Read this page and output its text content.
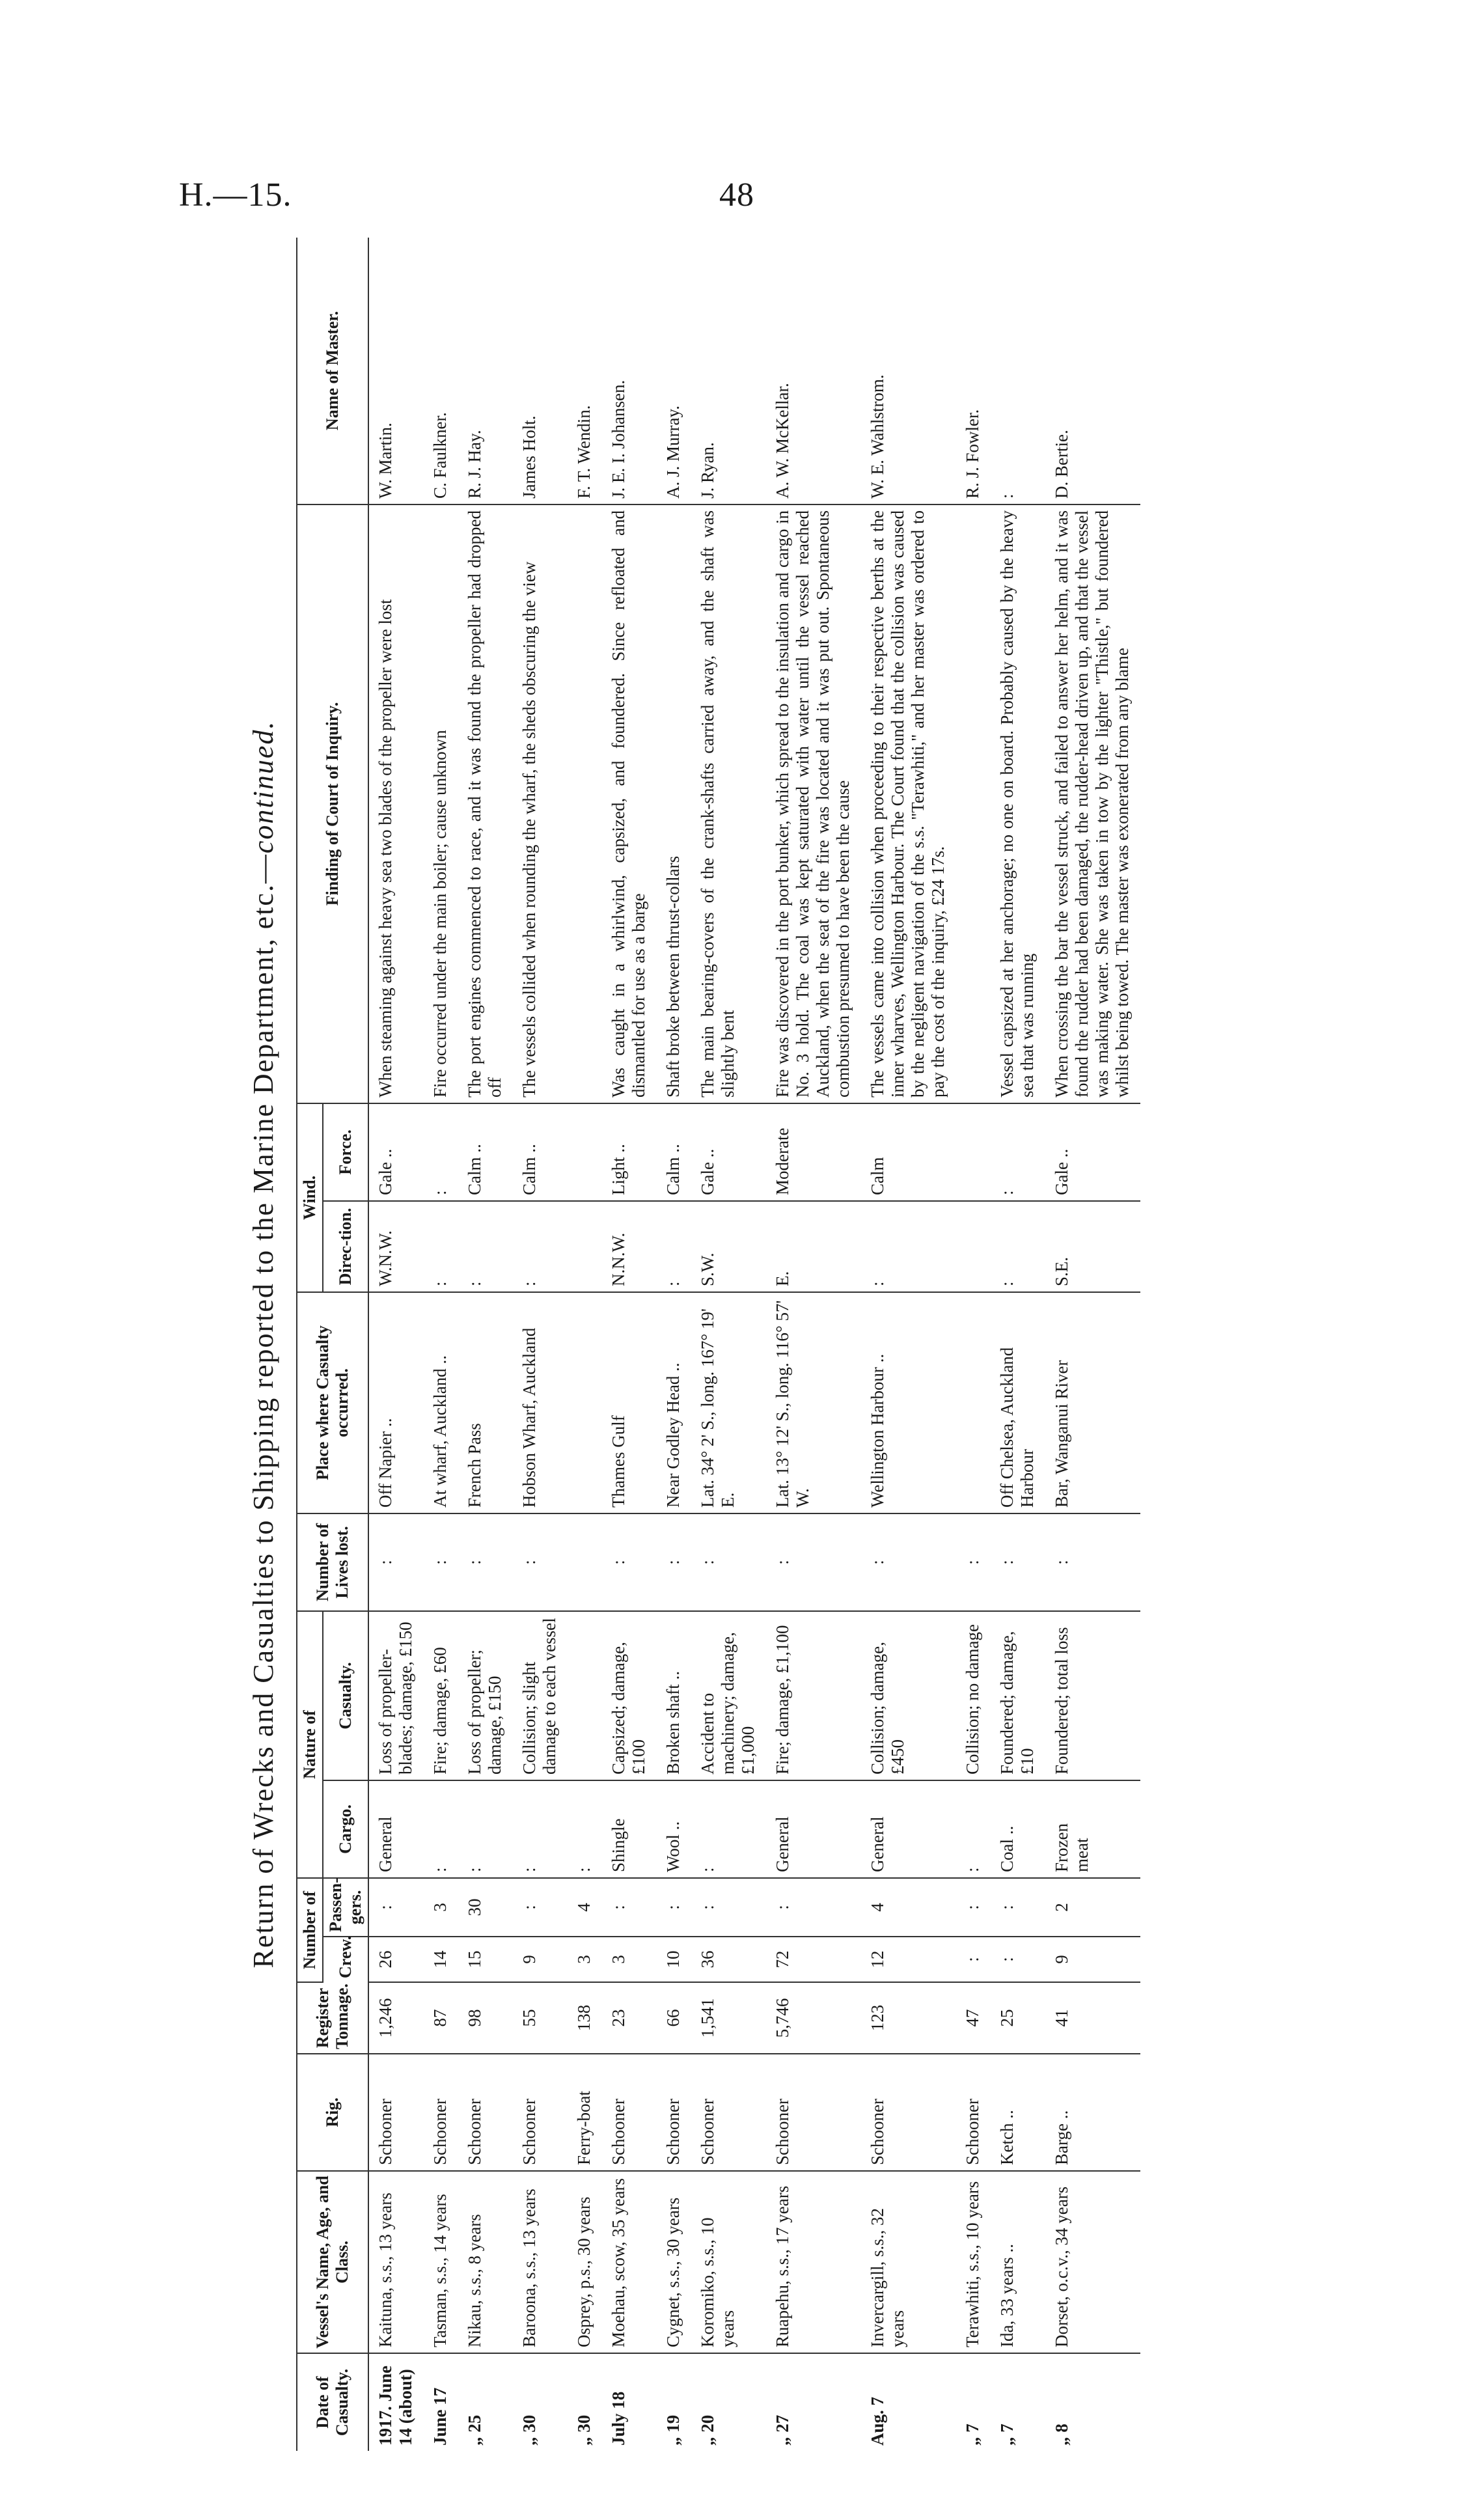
H.—15.	48
Return of Wrecks and Casualties to Shipping reported to the Marine Department, etc.—continued.
Date of Casualty.	Vessel's Name, Age, and Class.	Rig.	Register Tonnage.	Number of		Nature of		Number of Lives lost.	Place where Casualty occurred.	Wind.		Finding of Court of Inquiry.	Name of Master.
				Crew.	Passen-gers.	Cargo.	Casualty.			Direc-tion.	Force.		
1917. June 14 (about)	Kaituna, s.s., 13 years	Schooner	1,246	26	:	General	Loss of propeller-blades; damage, £150	:	Off Napier ..	W.N.W.	Gale ..	When steaming against heavy sea two blades of the propeller were lost	W. Martin.
June 17	Tasman, s.s., 14 years	Schooner	87	14	3	:	Fire; damage, £60	:	At wharf, Auckland ..	:	:	Fire occurred under the main boiler; cause unknown	C. Faulkner.
„ 25	Nikau, s.s., 8 years	Schooner	98	15	30	:	Loss of propeller; damage, £150	:	French Pass	:	Calm ..	The port engines commenced to race, and it was found the propeller had dropped off	R. J. Hay.
„ 30	Baroona, s.s., 13 years	Schooner	55	9	:	:	Collision; slight damage to each vessel	:	Hobson Wharf, Auckland	:	Calm ..	The vessels collided when rounding the wharf, the sheds obscuring the view	James Holt.
„ 30	Osprey, p.s., 30 years	Ferry-boat	138	3	4	:							F. T. Wendin.
July 18	Moehau, scow, 35 years	Schooner	23	3	:	Shingle	Capsized; damage, £100	:	Thames Gulf	N.N.W.	Light ..	Was caught in a whirlwind, capsized, and foundered. Since refloated and dismantled for use as a barge	J. E. I. Johansen.
„ 19	Cygnet, s.s., 30 years	Schooner	66	10	:	Wool ..	Broken shaft ..	:	Near Godley Head ..	:	Calm ..	Shaft broke between thrust-collars	A. J. Murray.
„ 20	Koromiko, s.s., 10 years	Schooner	1,541	36	:	:	Accident to machinery; damage, £1,000	:	Lat. 34° 2' S., long. 167° 19' E.	S.W.	Gale ..	The main bearing-covers of the crank-shafts carried away, and the shaft was slightly bent	J. Ryan.
„ 27	Ruapehu, s.s., 17 years	Schooner	5,746	72	:	General	Fire; damage, £1,100	:	Lat. 13° 12' S., long. 116° 57' W.	E.	Moderate	Fire was discovered in the port bunker, which spread to the insulation and cargo in No. 3 hold. The coal was kept saturated with water until the vessel reached Auckland, when the seat of the fire was located and it was put out. Spontaneous combustion presumed to have been the cause	A. W. McKellar.
Aug. 7	Invercargill, s.s., 32 years	Schooner	123	12	4	General	Collision; damage, £450	:	Wellington Harbour ..	:	Calm	The vessels came into collision when proceeding to their respective berths at the inner wharves, Wellington Harbour. The Court found that the collision was caused by the negligent navigation of the s.s. "Terawhiti," and her master was ordered to pay the cost of the inquiry, £24 17s.	W. E. Wahlstrom.
„ 7	Terawhiti, s.s., 10 years	Schooner	47	:	:	:	Collision; no damage	:					R. J. Fowler.
„ 7	Ida, 33 years ..	Ketch ..	25	:	:	Coal ..	Foundered; damage, £10	:	Off Chelsea, Auckland Harbour	:	:	Vessel capsized at her anchorage; no one on board. Probably caused by the heavy sea that was running	:
„ 8	Dorset, o.c.v., 34 years	Barge ..	41	9	2	Frozen meat	Foundered; total loss	:	Bar, Wanganui River	S.E.	Gale ..	When crossing the bar the vessel struck, and failed to answer her helm, and it was found the rudder had been damaged, the rudder-head driven up, and that the vessel was making water. She was taken in tow by the lighter "Thistle," but foundered whilst being towed. The master was exonerated from any blame	D. Bertie.
